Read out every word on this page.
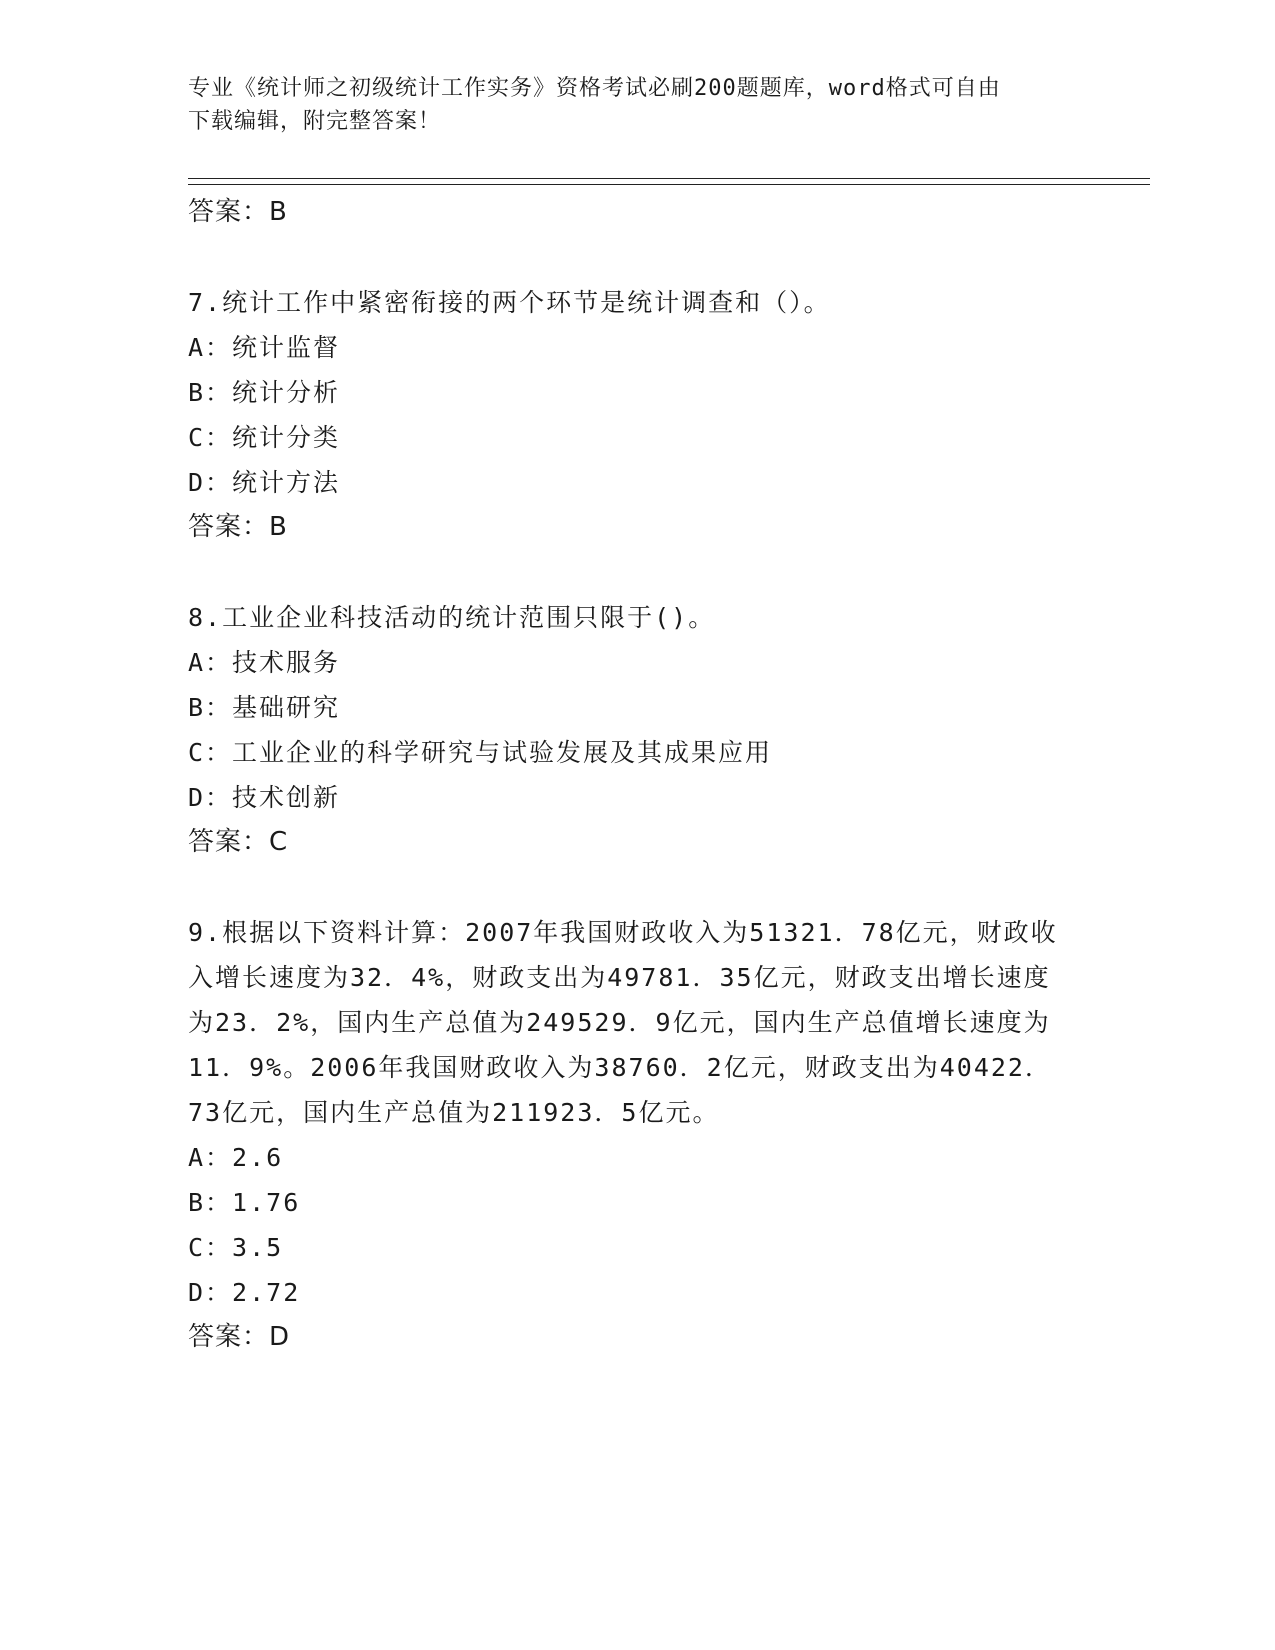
专业《统计师之初级统计工作实务》资格考试必刷200题题库，word格式可自由
下载编辑，附完整答案！
答案：B
7.统计工作中紧密衔接的两个环节是统计调查和（）。
A：统计监督
B：统计分析
C：统计分类
D：统计方法
答案：B
8.工业企业科技活动的统计范围只限于()。
A：技术服务
B：基础研究
C：工业企业的科学研究与试验发展及其成果应用
D：技术创新
答案：C
9.根据以下资料计算：2007年我国财政收入为51321．78亿元，财政收入增长速度为32．4%，财政支出为49781．35亿元，财政支出增长速度为23．2%，国内生产总值为249529．9亿元，国内生产总值增长速度为11．9%。2006年我国财政收入为38760．2亿元，财政支出为40422．73亿元，国内生产总值为211923．5亿元。
A：2.6
B：1.76
C：3.5
D：2.72
答案：D
